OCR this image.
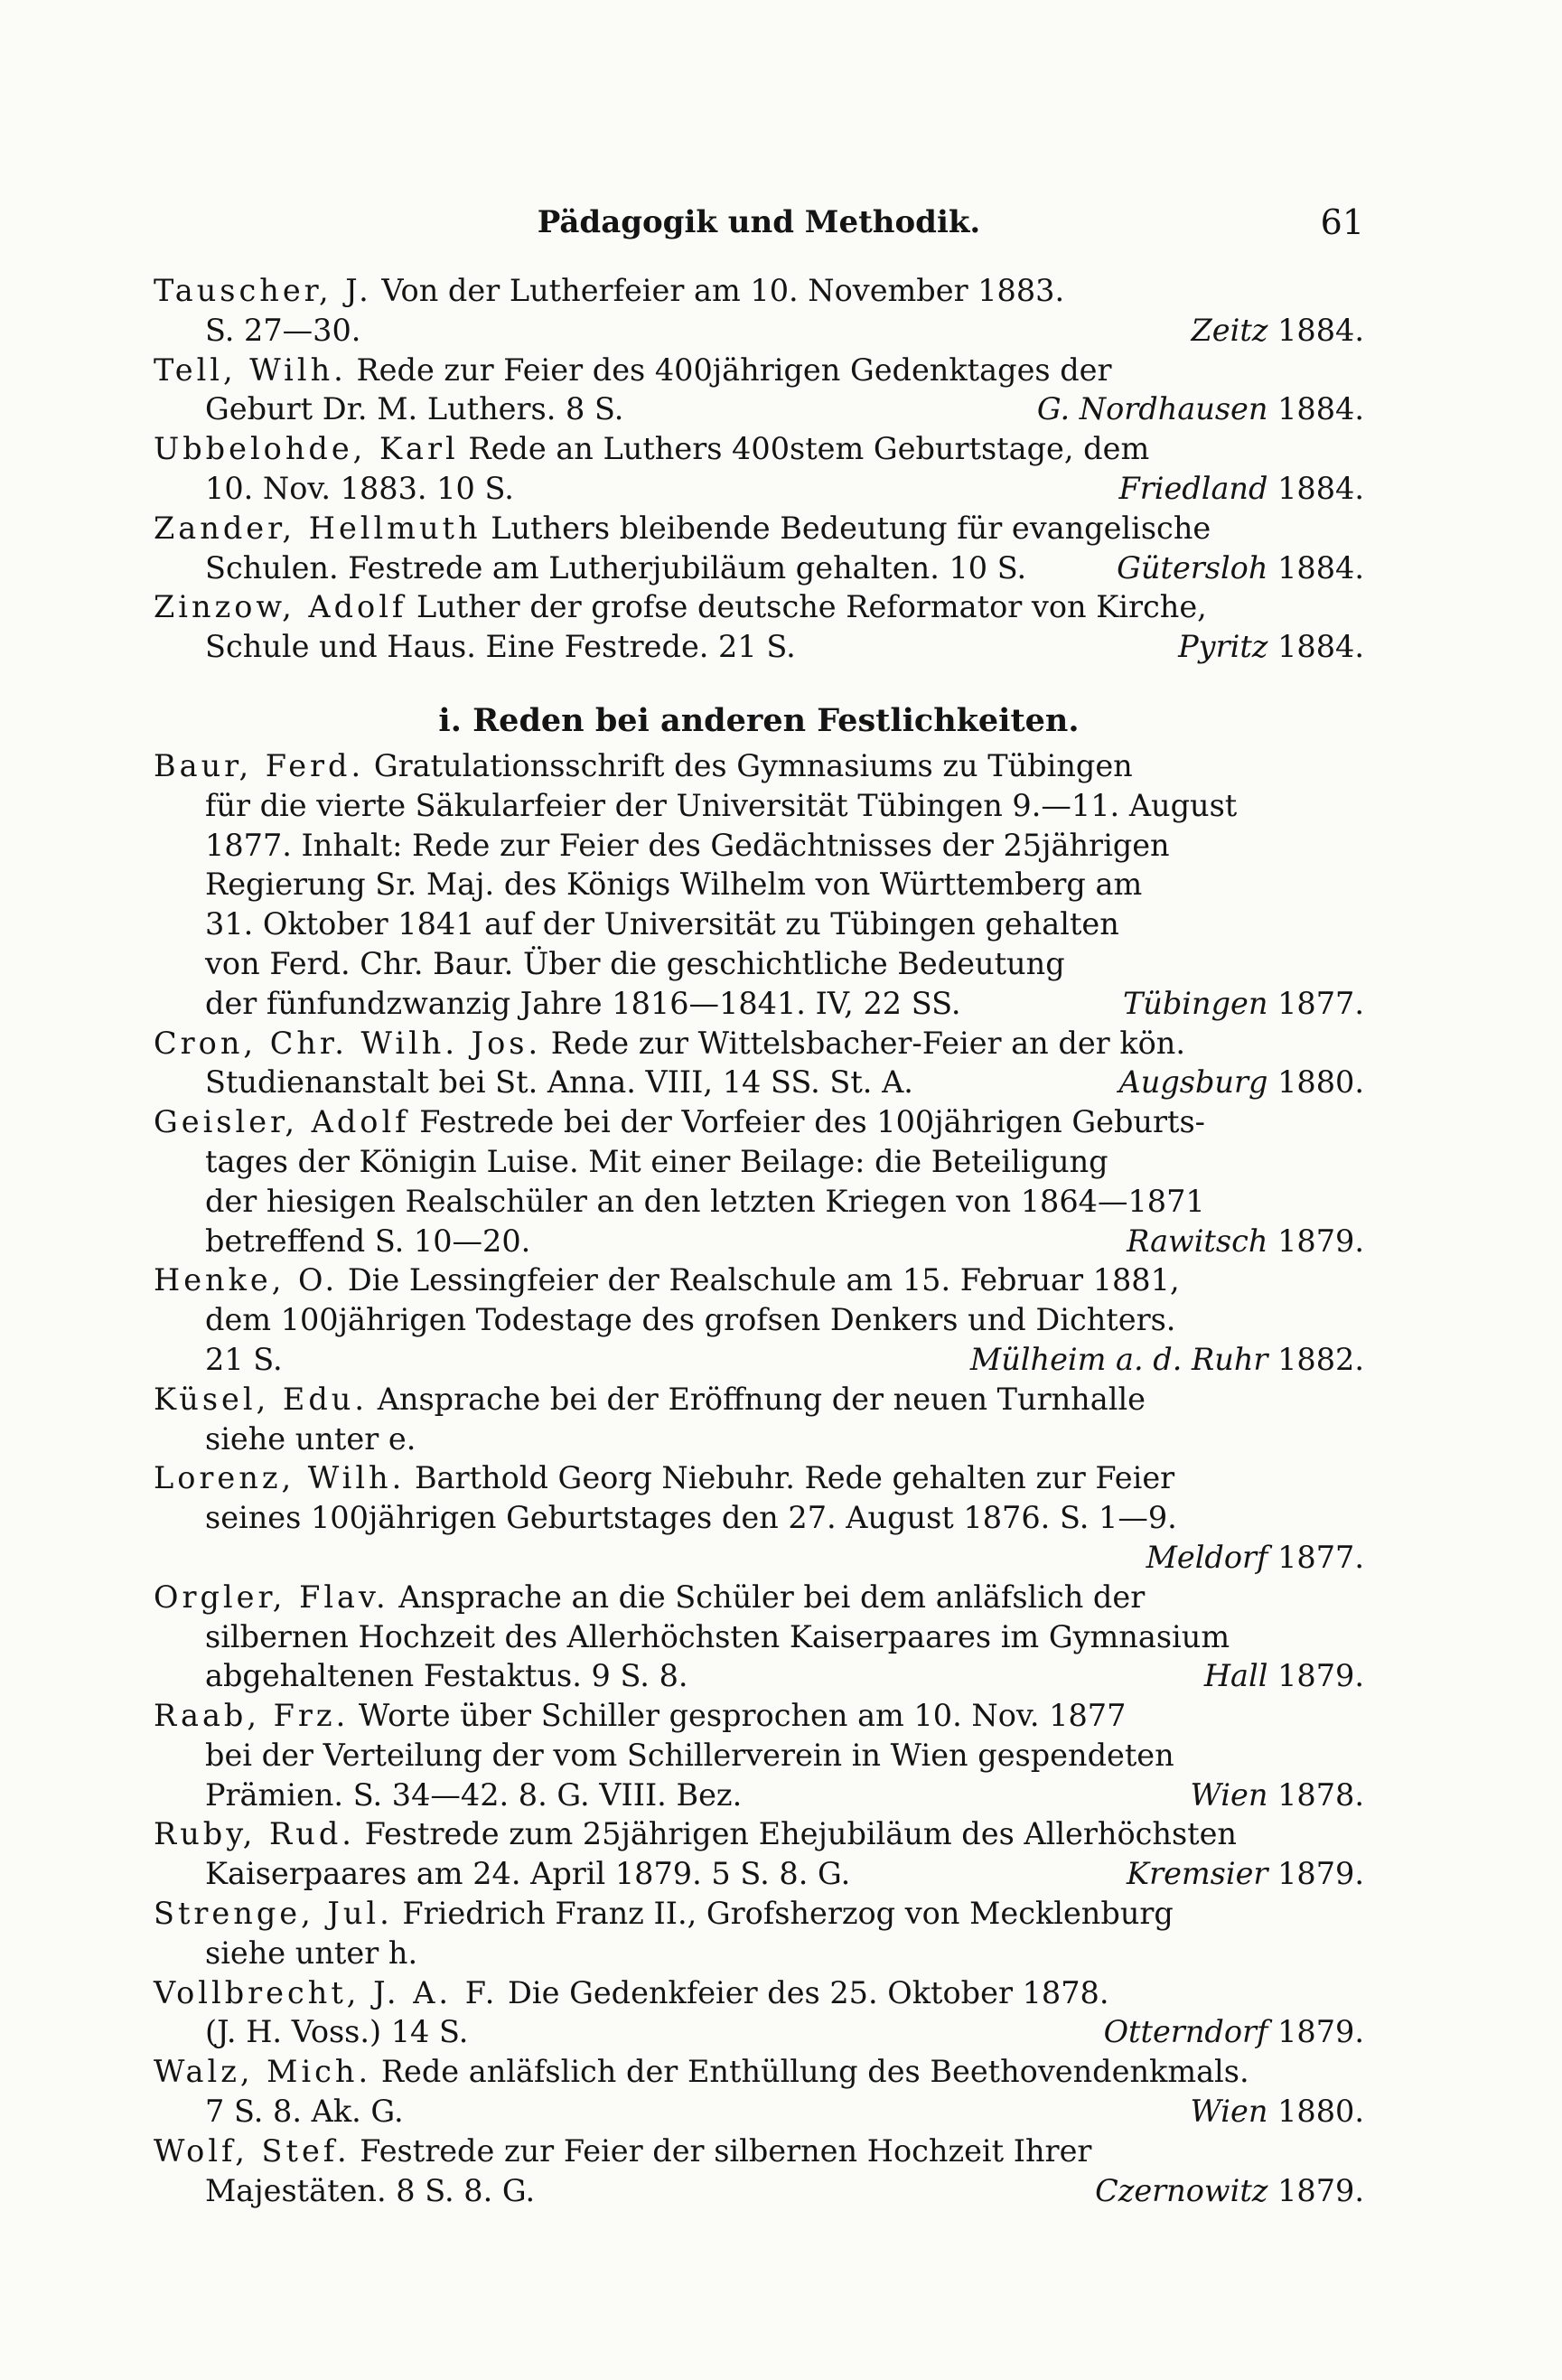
Pädagogik und Methodik.	61
Tauscher, J. Von der Lutherfeier am 10. November 1883.
S. 27—30.	Zeitz 1884.
Tell, Wilh. Rede zur Feier des 400jährigen Gedenktages der
Geburt Dr. M. Luthers. 8 S.	G. Nordhausen 1884.
Ubbelohde, Karl Rede an Luthers 400stem Geburtstage, dem
10. Nov. 1883. 10 S.	Friedland 1884.
Zander, Hellmuth Luthers bleibende Bedeutung für evangelische
Schulen. Festrede am Lutherjubiläum gehalten. 10 S.	Gütersloh 1884.
Zinzow, Adolf Luther der grofse deutsche Reformator von Kirche,
Schule und Haus. Eine Festrede. 21 S.	Pyritz 1884.
i. Reden bei anderen Festlichkeiten.
Baur, Ferd. Gratulationsschrift des Gymnasiums zu Tübingen
für die vierte Säkularfeier der Universität Tübingen 9.—11. August
1877. Inhalt: Rede zur Feier des Gedächtnisses der 25jährigen
Regierung Sr. Maj. des Königs Wilhelm von Württemberg am
31. Oktober 1841 auf der Universität zu Tübingen gehalten
von Ferd. Chr. Baur. Über die geschichtliche Bedeutung
der fünfundzwanzig Jahre 1816—1841. IV, 22 SS.	Tübingen 1877.
Cron, Chr. Wilh. Jos. Rede zur Wittelsbacher-Feier an der kön.
Studienanstalt bei St. Anna. VIII, 14 SS. St. A.	Augsburg 1880.
Geisler, Adolf Festrede bei der Vorfeier des 100jährigen Geburts-
tages der Königin Luise. Mit einer Beilage: die Beteiligung
der hiesigen Realschüler an den letzten Kriegen von 1864—1871
betreffend S. 10—20.	Rawitsch 1879.
Henke, O. Die Lessingfeier der Realschule am 15. Februar 1881,
dem 100jährigen Todestage des grofsen Denkers und Dichters.
21 S.	Mülheim a. d. Ruhr 1882.
Küsel, Edu. Ansprache bei der Eröffnung der neuen Turnhalle
siehe unter e.
Lorenz, Wilh. Barthold Georg Niebuhr. Rede gehalten zur Feier
seines 100jährigen Geburtstages den 27. August 1876. S. 1—9.
Meldorf 1877.
Orgler, Flav. Ansprache an die Schüler bei dem anläfslich der
silbernen Hochzeit des Allerhöchsten Kaiserpaares im Gymnasium
abgehaltenen Festaktus. 9 S. 8.	Hall 1879.
Raab, Frz. Worte über Schiller gesprochen am 10. Nov. 1877
bei der Verteilung der vom Schillerverein in Wien gespendeten
Prämien. S. 34—42. 8. G. VIII. Bez.	Wien 1878.
Ruby, Rud. Festrede zum 25jährigen Ehejubiläum des Allerhöchsten
Kaiserpaares am 24. April 1879. 5 S. 8. G.	Kremsier 1879.
Strenge, Jul. Friedrich Franz II., Grofsherzog von Mecklenburg
siehe unter h.
Vollbrecht, J. A. F. Die Gedenkfeier des 25. Oktober 1878.
(J. H. Voss.) 14 S.	Otterndorf 1879.
Walz, Mich. Rede anläfslich der Enthüllung des Beethovendenkmals.
7 S. 8. Ak. G.	Wien 1880.
Wolf, Stef. Festrede zur Feier der silbernen Hochzeit Ihrer
Majestäten. 8 S. 8. G.	Czernowitz 1879.
